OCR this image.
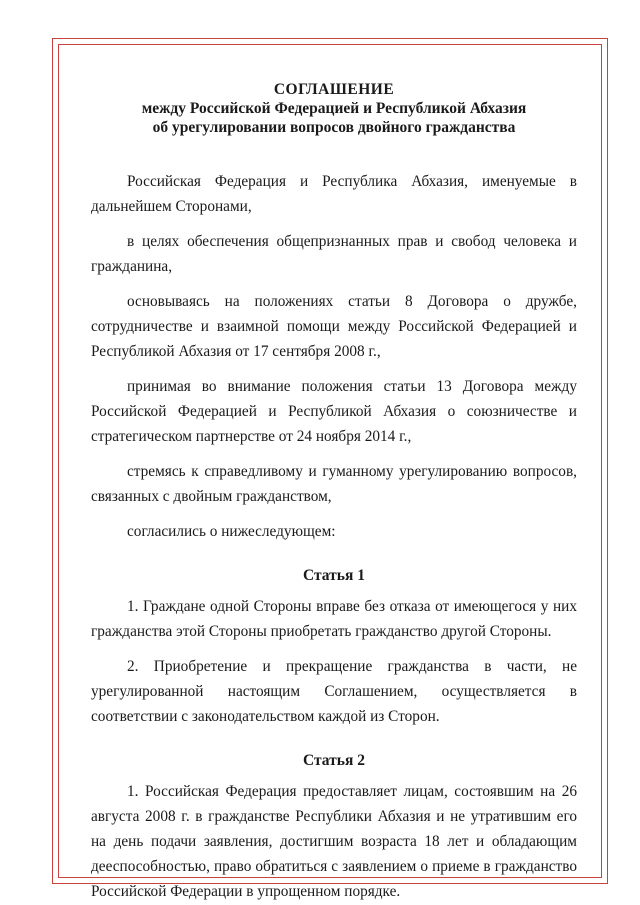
СОГЛАШЕНИЕ
между Российской Федерацией и Республикой Абхазия
об урегулировании вопросов двойного гражданства

Российская Федерация и Республика Абхазия, именуемые в дальнейшем Сторонами,

в целях обеспечения общепризнанных прав и свобод человека и гражданина,

основываясь на положениях статьи 8 Договора о дружбе, сотрудничестве и взаимной помощи между Российской Федерацией и Республикой Абхазия от 17 сентября 2008 г.,

принимая во внимание положения статьи 13 Договора между Российской Федерацией и Республикой Абхазия о союзничестве и стратегическом партнерстве от 24 ноября 2014 г.,

стремясь к справедливому и гуманному урегулированию вопросов, связанных с двойным гражданством,

согласились о нижеследующем:

Статья 1

1. Граждане одной Стороны вправе без отказа от имеющегося у них гражданства этой Стороны приобретать гражданство другой Стороны.

2. Приобретение и прекращение гражданства в части, не урегулированной настоящим Соглашением, осуществляется в соответствии с законодательством каждой из Сторон.

Статья 2

1. Российская Федерация предоставляет лицам, состоявшим на 26 августа 2008 г. в гражданстве Республики Абхазия и не утратившим его на день подачи заявления, достигшим возраста 18 лет и обладающим дееспособностью, право обратиться с заявлением о приеме в гражданство Российской Федерации в упрощенном порядке.
